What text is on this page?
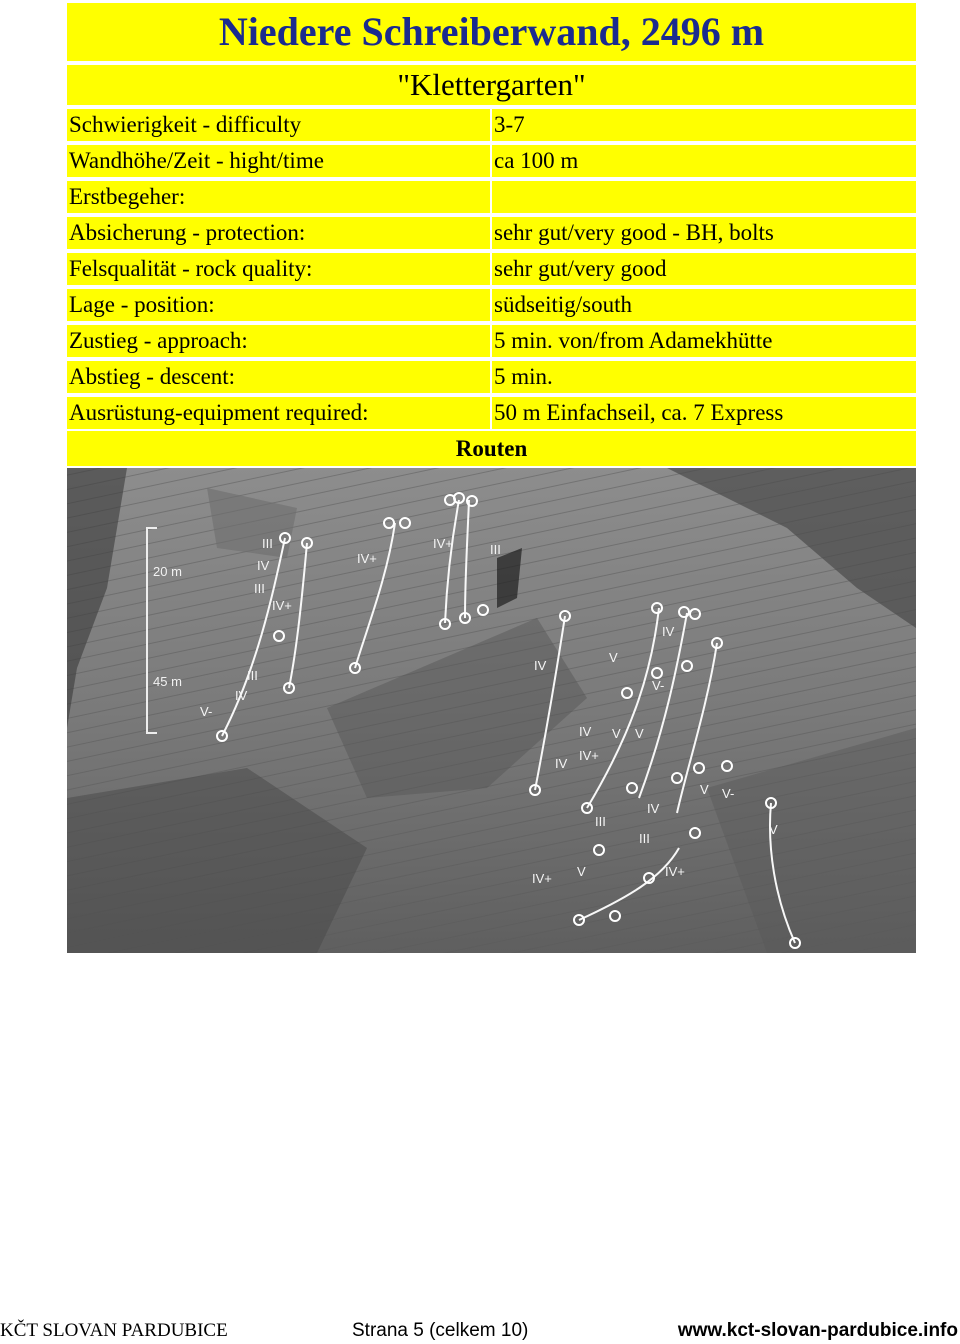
Niedere Schreiberwand, 2496 m
"Klettergarten"
Schwierigkeit - difficulty	3-7
Wandhöhe/Zeit - hight/time	ca 100 m
Erstbegeher:
Absicherung - protection:	sehr gut/very good - BH, bolts
Felsqualität - rock quality:	sehr gut/very good
Lage - position:	südseitig/south
Zustieg - approach:	5 min. von/from Adamekhütte
Abstieg - descent:	5 min.
Ausrüstung-equipment required:	50 m Einfachseil, ca. 7 Express
Routen
20 m
45 m
III
IV
III
IV+
IV+
IV+	III
III
IV
V-
IV
V
IV
V-
IV
IV+
V V
IV
V-
III
IV+
III
V
IV
IV+
V
V
KČT SLOVAN PARDUBICE	Strana 5 (celkem 10)	www.kct-slovan-pardubice.info
